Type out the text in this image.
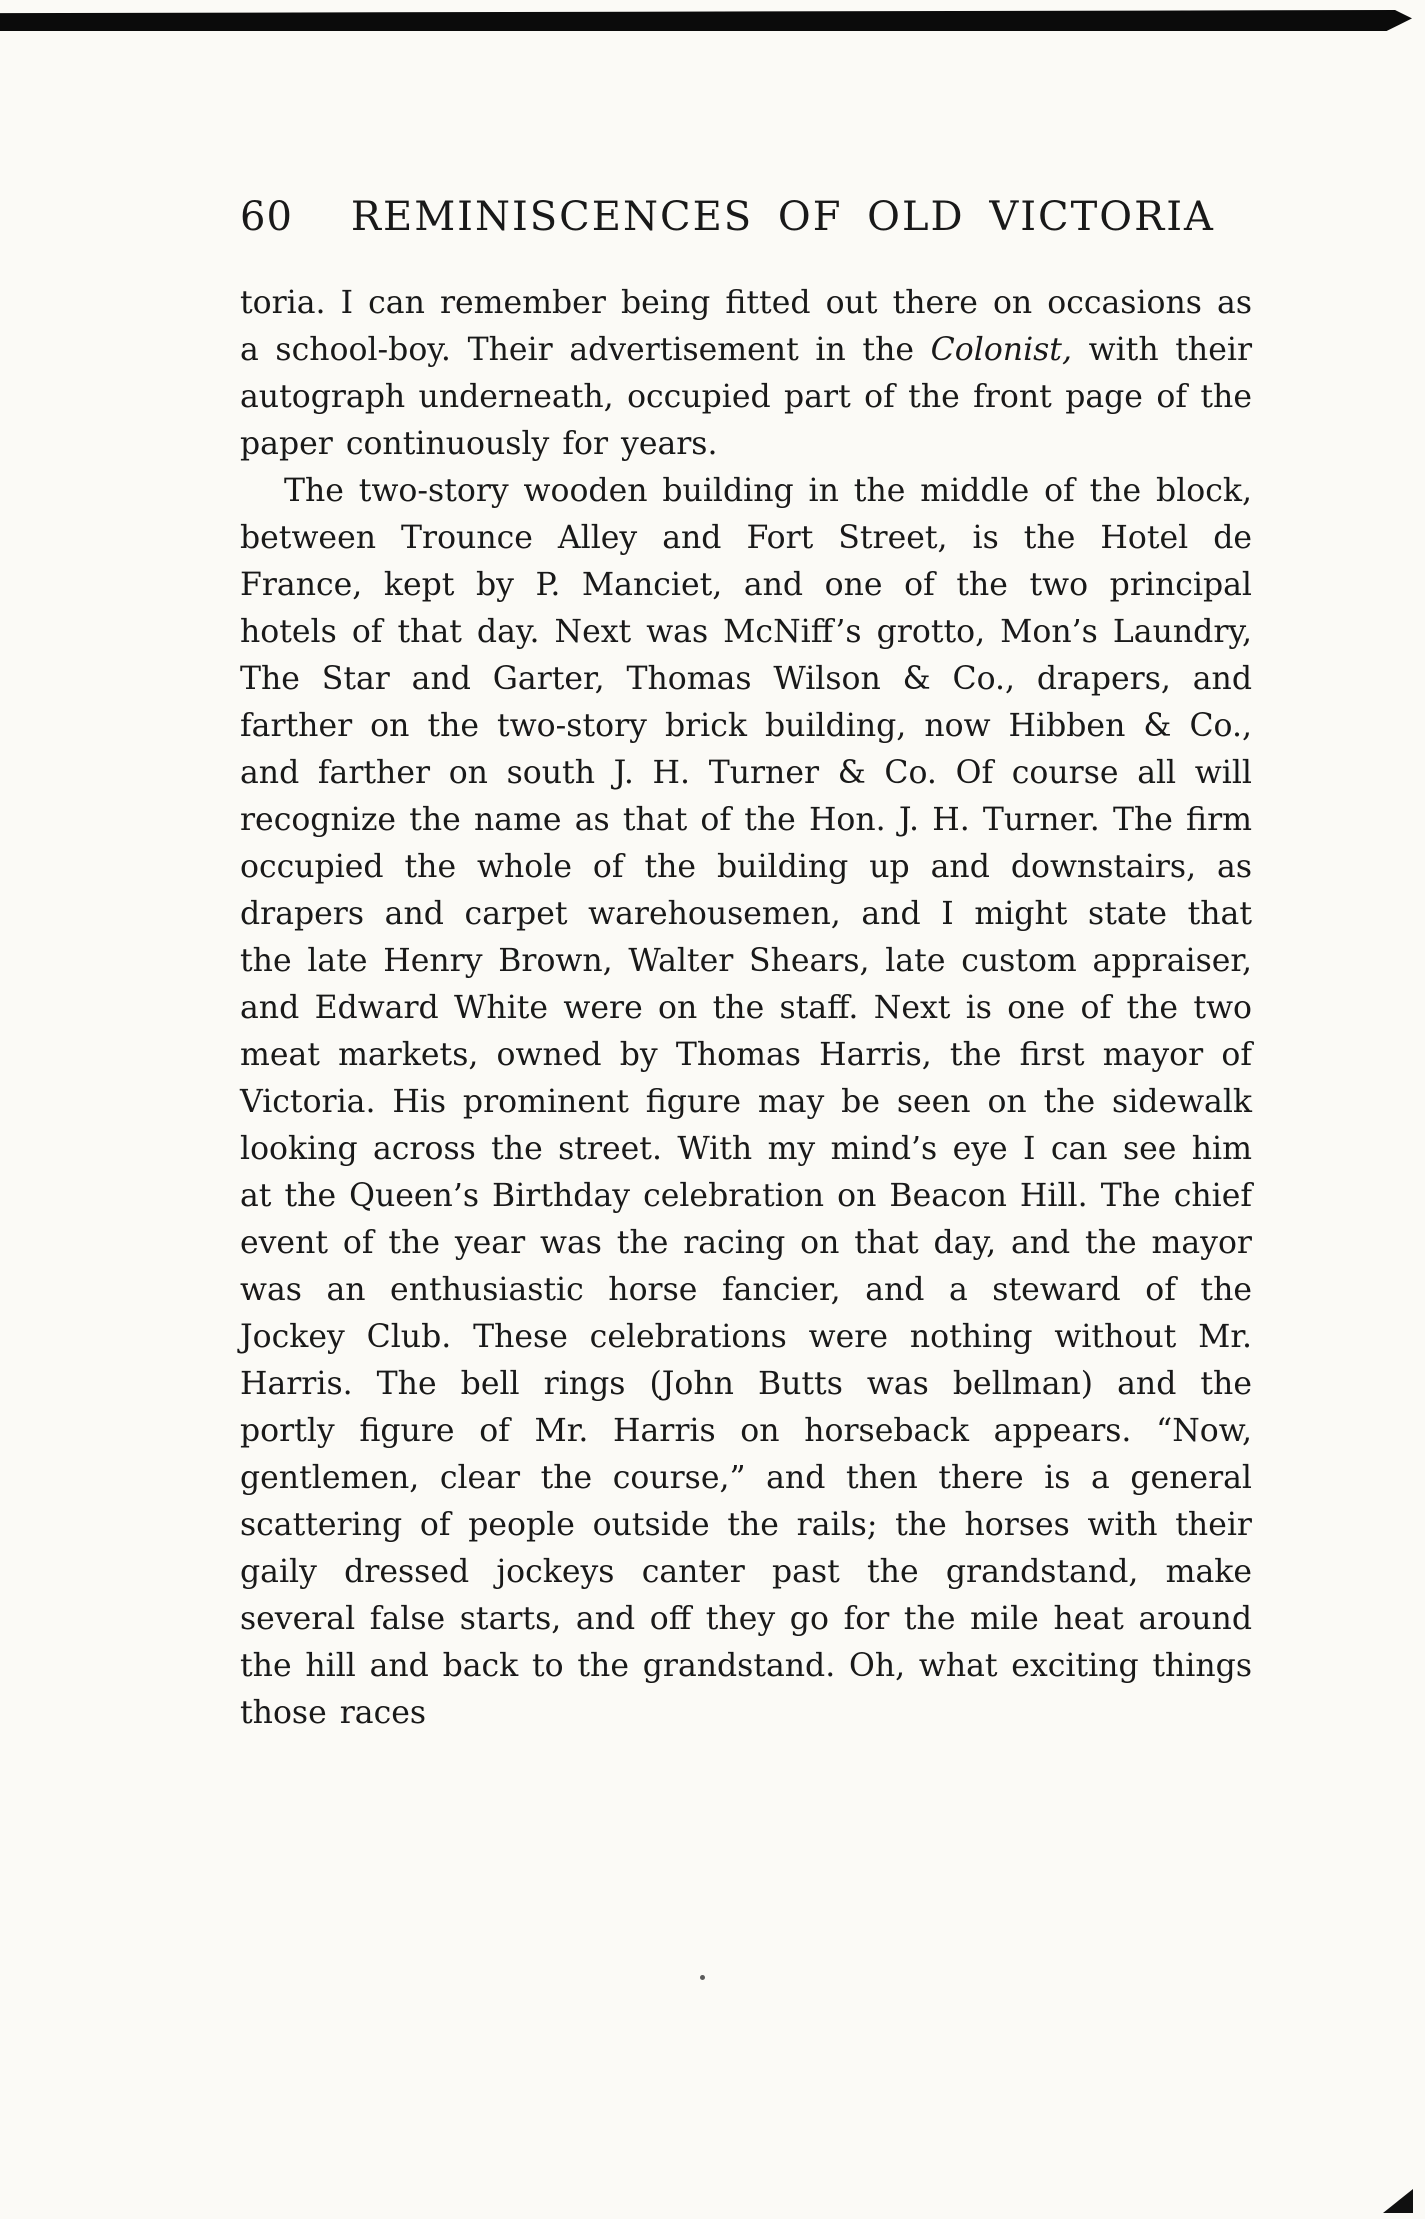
60 REMINISCENCES OF OLD VICTORIA

toria. I can remember being fitted out there on occasions as a school-boy. Their advertisement in the Colonist, with their autograph underneath, occupied part of the front page of the paper continuously for years.

The two-story wooden building in the middle of the block, between Trounce Alley and Fort Street, is the Hotel de France, kept by P. Manciet, and one of the two principal hotels of that day. Next was McNiff’s grotto, Mon’s Laundry, The Star and Garter, Thomas Wilson & Co., drapers, and farther on the two-story brick building, now Hibben & Co., and farther on south J. H. Turner & Co. Of course all will recognize the name as that of the Hon. J. H. Turner. The firm occupied the whole of the building up and downstairs, as drapers and carpet warehousemen, and I might state that the late Henry Brown, Walter Shears, late custom appraiser, and Edward White were on the staff. Next is one of the two meat markets, owned by Thomas Harris, the first mayor of Victoria. His prominent figure may be seen on the sidewalk looking across the street. With my mind’s eye I can see him at the Queen’s Birthday celebration on Beacon Hill. The chief event of the year was the racing on that day, and the mayor was an enthusiastic horse fancier, and a steward of the Jockey Club. These celebrations were nothing without Mr. Harris. The bell rings (John Butts was bellman) and the portly figure of Mr. Harris on horseback appears. “Now, gentlemen, clear the course,” and then there is a general scattering of people outside the rails; the horses with their gaily dressed jockeys canter past the grandstand, make several false starts, and off they go for the mile heat around the hill and back to the grandstand. Oh, what exciting things those races
